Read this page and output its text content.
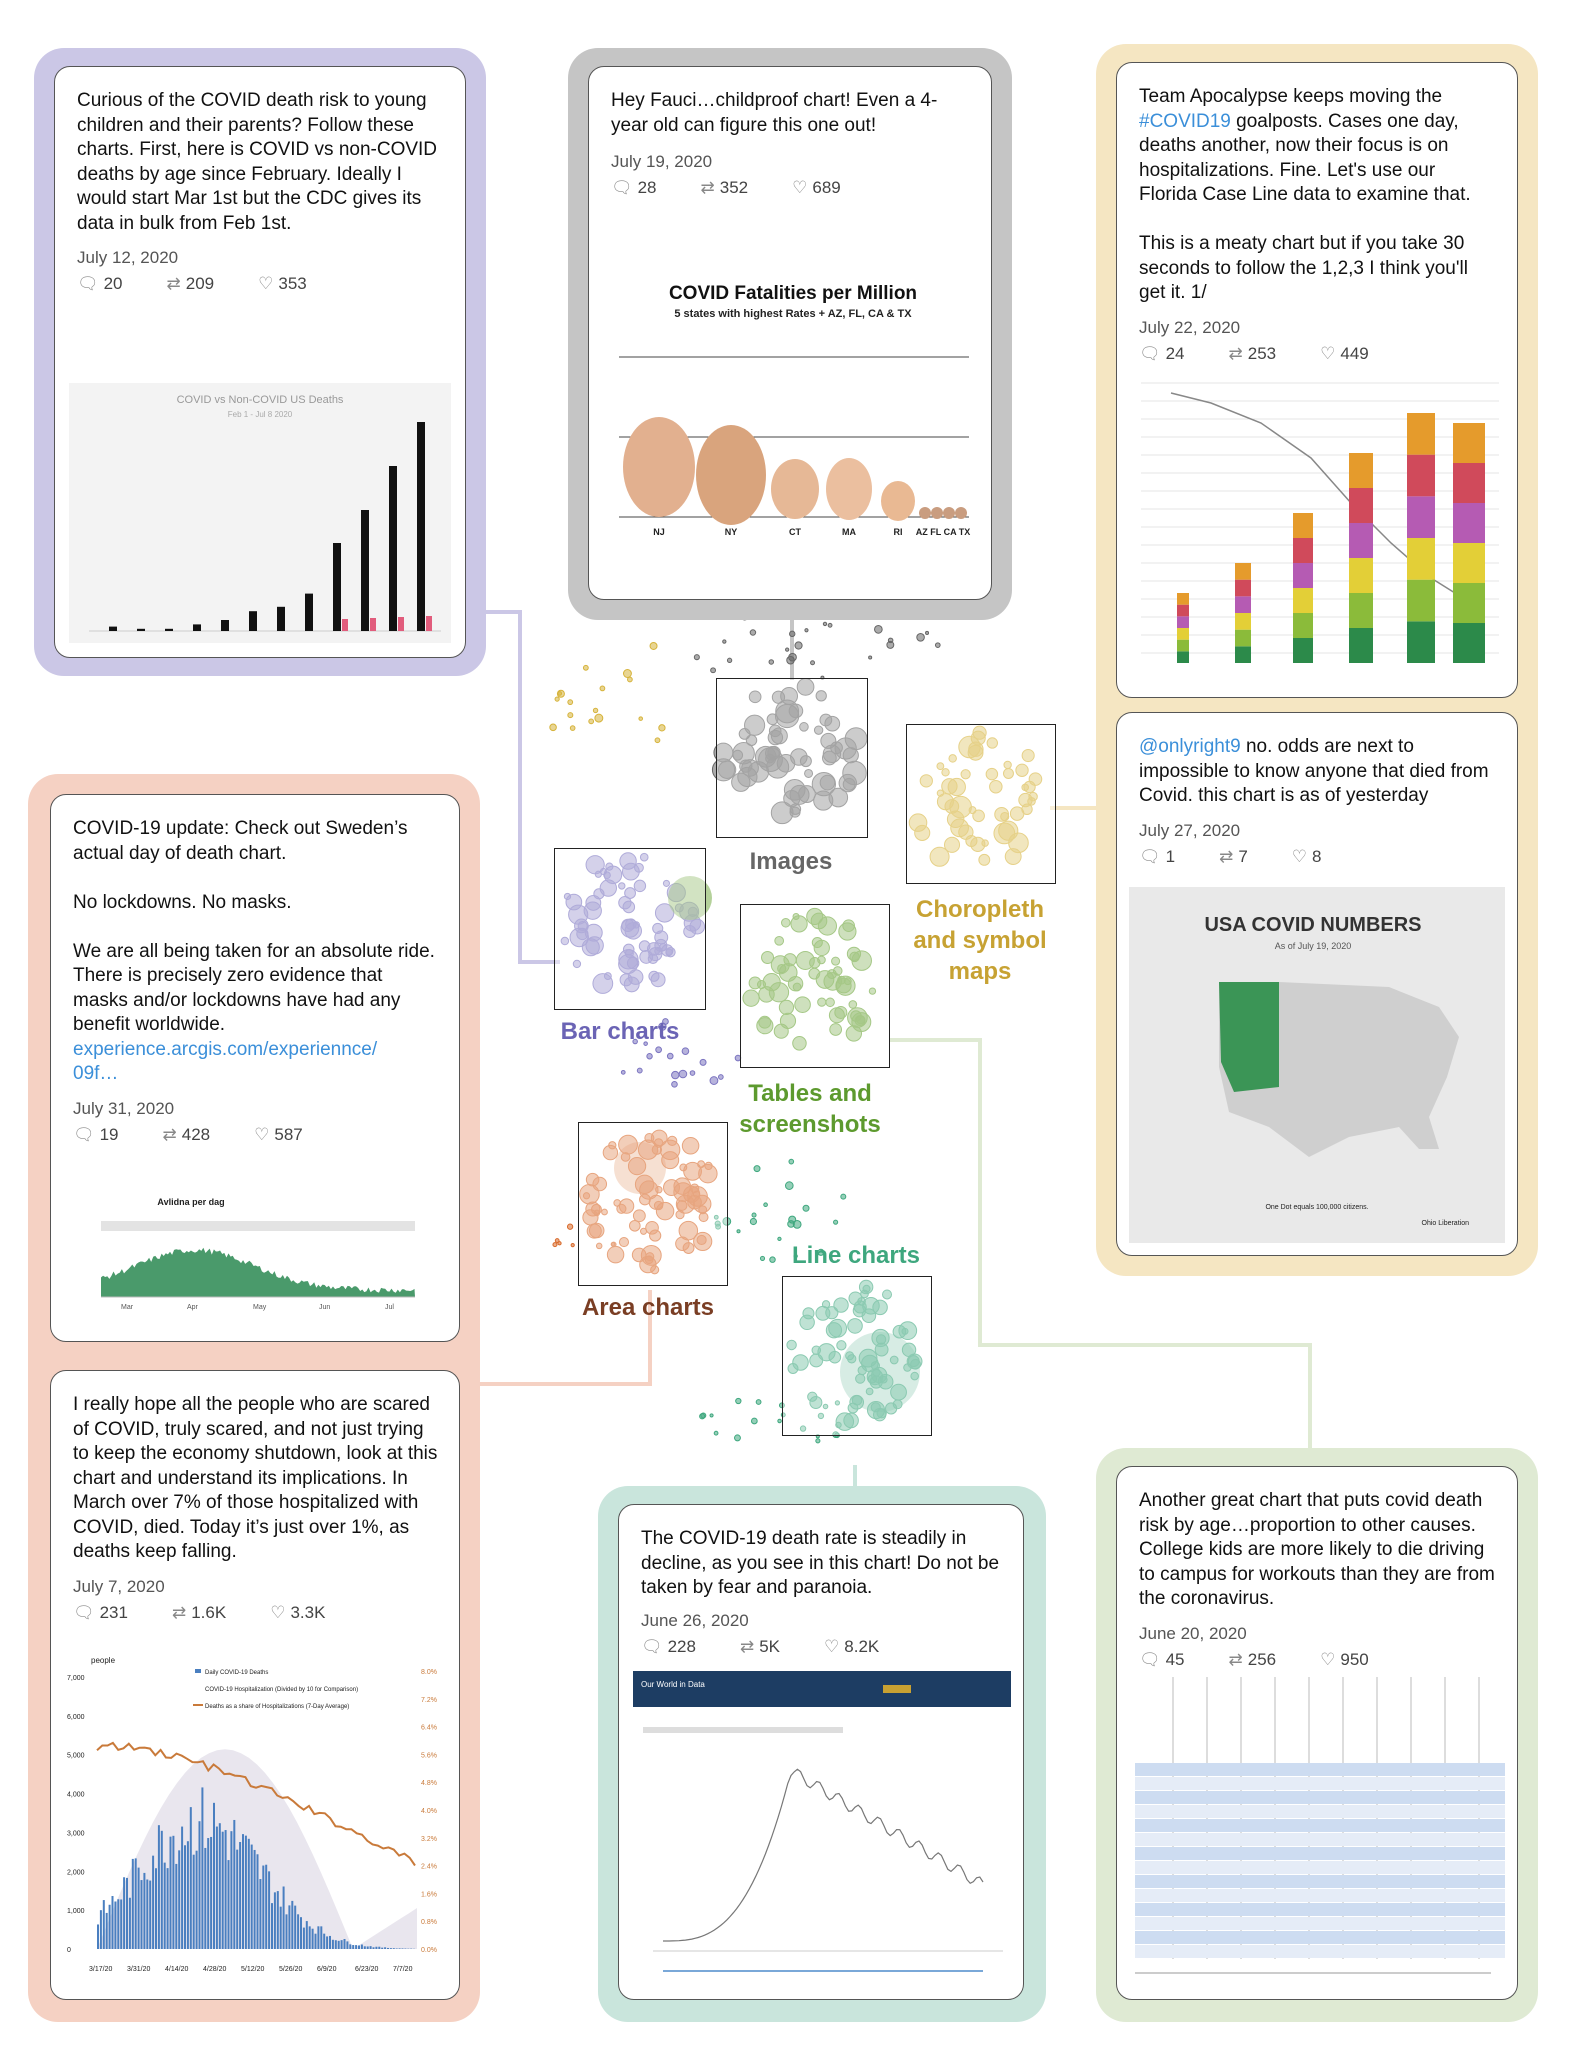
Curious of the COVID death risk to young children and their parents? Follow these charts. First, here is COVID vs non-COVID deaths by age since February. Ideally I would start Mar 1st but the CDC gives its data in bulk from Feb 1st.
July 12, 2020
🗨︎ 20	⇄ 209	♡ 353
COVID vs Non-COVID US Deaths
Feb 1 - Jul 8 2020
Hey Fauci…childproof chart! Even a 4-year old can figure this one out!
July 19, 2020
🗨︎ 28	⇄ 352	♡ 689
COVID Fatalities per Million
5 states with highest Rates + AZ, FL, CA & TX
NJ	NY	CT	MA	RI AZ FL CA TX
Team Apocalypse keeps moving the #COVID19 goalposts. Cases one day, deaths another, now their focus is on hospitalizations. Fine. Let's use our Florida Case Line data to examine that.

This is a meaty chart but if you take 30 seconds to follow the 1,2,3 I think you'll get it. 1/
July 22, 2020
🗨︎ 24	⇄ 253	♡ 449
@onlyright9 no. odds are next to impossible to know anyone that died from Covid. this chart is as of yesterday
July 27, 2020
🗨︎ 1	⇄ 7	♡ 8
USA COVID NUMBERS
As of July 19, 2020
One Dot equals 100,000 citizens.
Ohio Liberation
COVID-19 update: Check out Sweden’s actual day of death chart.

No lockdowns. No masks.

We are all being taken for an absolute ride. There is precisely zero evidence that masks and/or lockdowns have had any benefit worldwide.
experience.arcgis.com/experiennce/
09f…
July 31, 2020
🗨︎ 19	⇄ 428	♡ 587
Avlidna per dag
Mar	Apr	May	Jun	Jul
I really hope all the people who are scared of COVID, truly scared, and not just trying to keep the economy shutdown, look at this chart and understand its implications. In March over 7% of those hospitalized with COVID, died. Today it’s just over 1%, as deaths keep falling.
July 7, 2020
🗨︎ 231	⇄ 1.6K	♡ 3.3K
people
7,000
6,000
5,000
4,000
3,000
2,000
1,000
0
8.0%
7.2%
6.4%
5.6%
4.8%
4.0%
3.2%
2.4%
1.6%
0.8%
0.0%
3/17/20 3/31/20 4/14/20 4/28/20 5/12/20 5/26/20 6/9/20	6/23/20 7/7/20
Daily COVID-19 Deaths
COVID-19 Hospitalization (Divided by 10 for Comparison)
Deaths as a share of Hospitalizations (7-Day Average)
The COVID-19 death rate is steadily in decline, as you see in this chart! Do not be taken by fear and paranoia.
June 26, 2020
🗨︎ 228	⇄ 5K	♡ 8.2K
Our World in Data
Another great chart that puts covid death risk by age…proportion to other causes. College kids are more likely to die driving to campus for workouts than they are from the coronavirus.
June 20, 2020
🗨︎ 45	⇄ 256	♡ 950
Images
Choropleth
and symbol
maps
Bar charts
Tables and
screenshots
Area charts
Line charts
